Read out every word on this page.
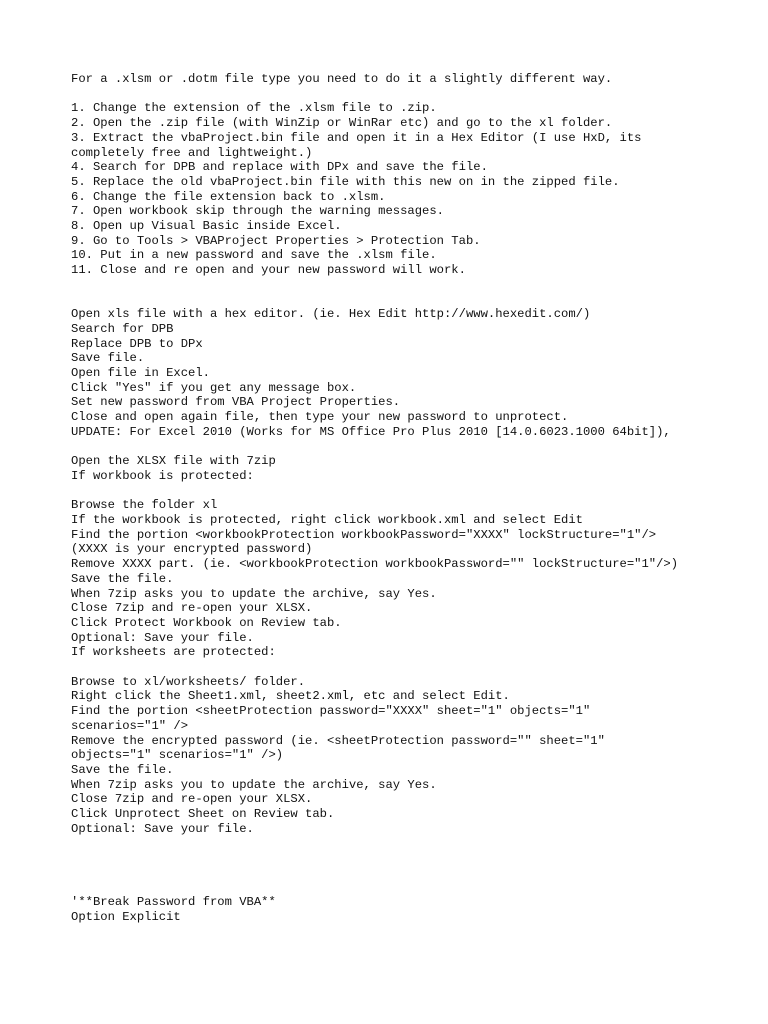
For a .xlsm or .dotm file type you need to do it a slightly different way.
1. Change the extension of the .xlsm file to .zip.
2. Open the .zip file (with WinZip or WinRar etc) and go to the xl folder.
3. Extract the vbaProject.bin file and open it in a Hex Editor (I use HxD, its
completely free and lightweight.)
4. Search for DPB and replace with DPx and save the file.
5. Replace the old vbaProject.bin file with this new on in the zipped file.
6. Change the file extension back to .xlsm.
7. Open workbook skip through the warning messages.
8. Open up Visual Basic inside Excel.
9. Go to Tools > VBAProject Properties > Protection Tab.
10. Put in a new password and save the .xlsm file.
11. Close and re open and your new password will work.
Open xls file with a hex editor. (ie. Hex Edit http://www.hexedit.com/)
Search for DPB
Replace DPB to DPx
Save file.
Open file in Excel.
Click "Yes" if you get any message box.
Set new password from VBA Project Properties.
Close and open again file, then type your new password to unprotect.
UPDATE: For Excel 2010 (Works for MS Office Pro Plus 2010 [14.0.6023.1000 64bit]),
Open the XLSX file with 7zip
If workbook is protected:
Browse the folder xl
If the workbook is protected, right click workbook.xml and select Edit
Find the portion <workbookProtection workbookPassword="XXXX" lockStructure="1"/>
(XXXX is your encrypted password)
Remove XXXX part. (ie. <workbookProtection workbookPassword="" lockStructure="1"/>)
Save the file.
When 7zip asks you to update the archive, say Yes.
Close 7zip and re-open your XLSX.
Click Protect Workbook on Review tab.
Optional: Save your file.
If worksheets are protected:
Browse to xl/worksheets/ folder.
Right click the Sheet1.xml, sheet2.xml, etc and select Edit.
Find the portion <sheetProtection password="XXXX" sheet="1" objects="1"
scenarios="1" />
Remove the encrypted password (ie. <sheetProtection password="" sheet="1"
objects="1" scenarios="1" />)
Save the file.
When 7zip asks you to update the archive, say Yes.
Close 7zip and re-open your XLSX.
Click Unprotect Sheet on Review tab.
Optional: Save your file.
'**Break Password from VBA**
Option Explicit
